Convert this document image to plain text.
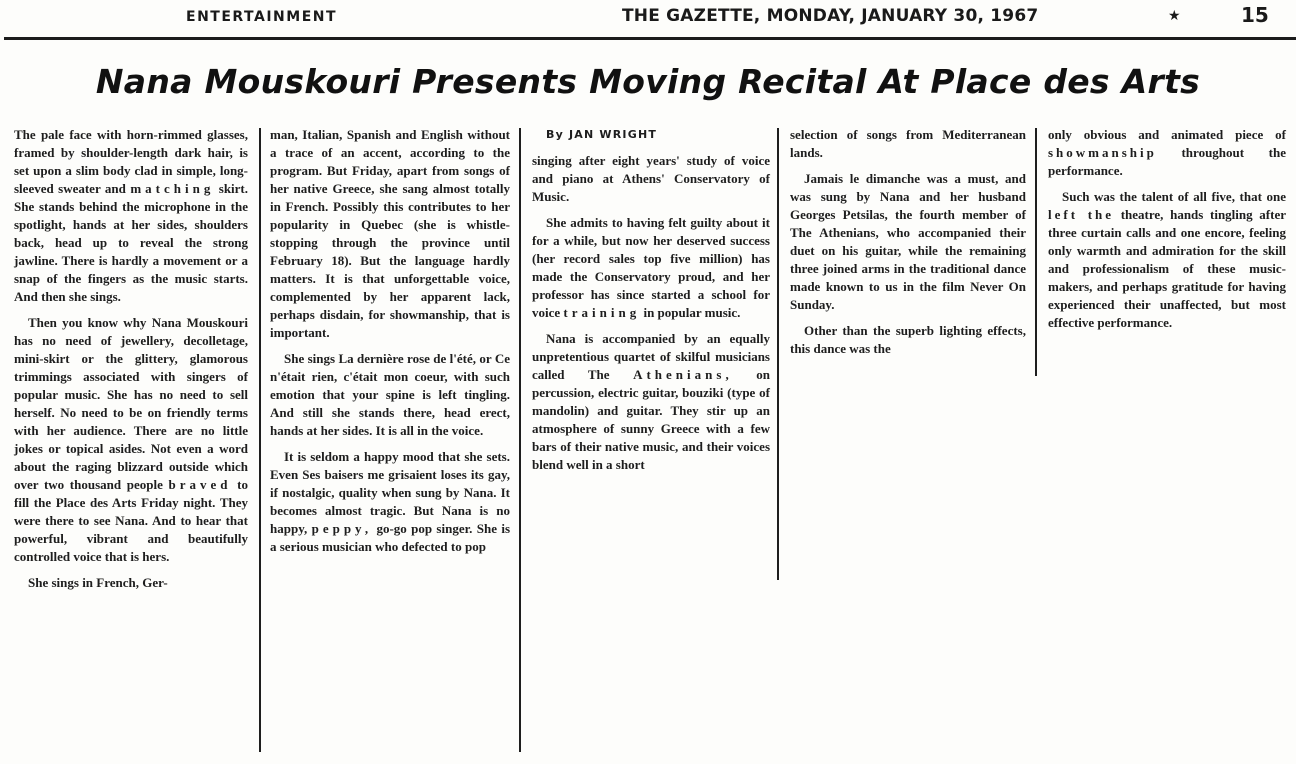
ENTERTAINMENT	THE GAZETTE, MONDAY, JANUARY 30, 1967	★	15
Nana Mouskouri Presents Moving Recital At Place des Arts

The pale face with horn-rimmed glasses, framed by shoulder-length dark hair, is set upon a slim body clad in simple, long-sleeved sweater and matching skirt. She stands behind the microphone in the spotlight, hands at her sides, shoulders back, head up to reveal the strong jawline. There is hardly a movement or a snap of the fingers as the music starts. And then she sings.

Then you know why Nana Mouskouri has no need of jewellery, decolletage, mini-skirt or the glittery, glamorous trimmings associated with singers of popular music. She has no need to sell herself. No need to be on friendly terms with her audience. There are no little jokes or topical asides. Not even a word about the raging blizzard outside which over two thousand people braved to fill the Place des Arts Friday night. They were there to see Nana. And to hear that powerful, vibrant and beautifully controlled voice that is hers.

She sings in French, Ger-

man, Italian, Spanish and English without a trace of an accent, according to the program. But Friday, apart from songs of her native Greece, she sang almost totally in French. Possibly this contributes to her popularity in Quebec (she is whistle-stopping through the province until February 18). But the language hardly matters. It is that unforgettable voice, complemented by her apparent lack, perhaps disdain, for showmanship, that is important.

She sings La dernière rose de l'été, or Ce n'était rien, c'était mon coeur, with such emotion that your spine is left tingling. And still she stands there, head erect, hands at her sides. It is all in the voice.

It is seldom a happy mood that she sets. Even Ses baisers me grisaient loses its gay, if nostalgic, quality when sung by Nana. It becomes almost tragic. But Nana is no happy, peppy, go-go pop singer. She is a serious musician who defected to pop

By JAN WRIGHT

singing after eight years' study of voice and piano at Athens' Conservatory of Music.

She admits to having felt guilty about it for a while, but now her deserved success (her record sales top five million) has made the Conservatory proud, and her professor has since started a school for voice training in popular music.

Nana is accompanied by an equally unpretentious quartet of skilful musicians called The Athenians, on percussion, electric guitar, bouziki (type of mandolin) and guitar. They stir up an atmosphere of sunny Greece with a few bars of their native music, and their voices blend well in a short

selection of songs from Mediterranean lands.

Jamais le dimanche was a must, and was sung by Nana and her husband Georges Petsilas, the fourth member of The Athenians, who accompanied their duet on his guitar, while the remaining three joined arms in the traditional dance made known to us in the film Never On Sunday.

Other than the superb lighting effects, this dance was the

only obvious and animated piece of showmanship throughout the performance.

Such was the talent of all five, that one left the theatre, hands tingling after three curtain calls and one encore, feeling only warmth and admiration for the skill and professionalism of these music-makers, and perhaps gratitude for having experienced their unaffected, but most effective performance.
